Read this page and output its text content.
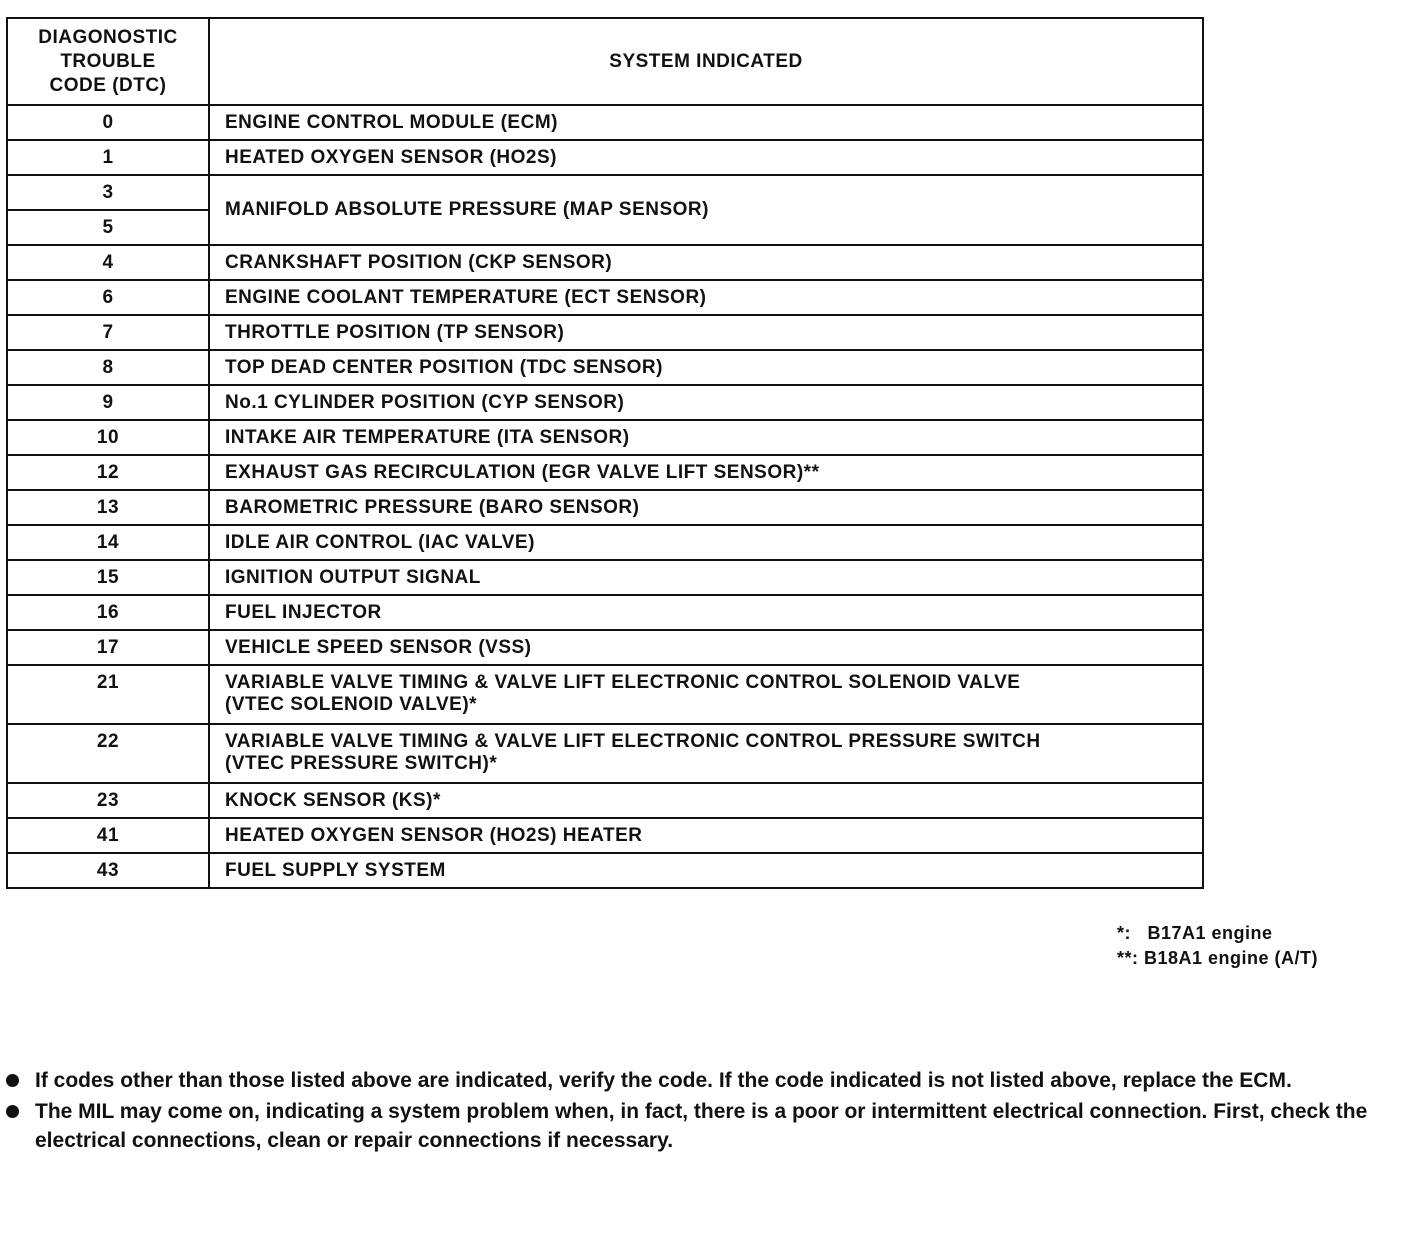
DIAGONOSTIC
TROUBLE
CODE (DTC)	SYSTEM INDICATED
0	ENGINE CONTROL MODULE (ECM)
1	HEATED OXYGEN SENSOR (HO2S)
3	MANIFOLD ABSOLUTE PRESSURE (MAP SENSOR)
5	
4	CRANKSHAFT POSITION (CKP SENSOR)
6	ENGINE COOLANT TEMPERATURE (ECT SENSOR)
7	THROTTLE POSITION (TP SENSOR)
8	TOP DEAD CENTER POSITION (TDC SENSOR)
9	No.1 CYLINDER POSITION (CYP SENSOR)
10	INTAKE AIR TEMPERATURE (ITA SENSOR)
12	EXHAUST GAS RECIRCULATION (EGR VALVE LIFT SENSOR)**
13	BAROMETRIC PRESSURE (BARO SENSOR)
14	IDLE AIR CONTROL (IAC VALVE)
15	IGNITION OUTPUT SIGNAL
16	FUEL INJECTOR
17	VEHICLE SPEED SENSOR (VSS)
21	VARIABLE VALVE TIMING & VALVE LIFT ELECTRONIC CONTROL SOLENOID VALVE
(VTEC SOLENOID VALVE)*

22	VARIABLE VALVE TIMING & VALVE LIFT ELECTRONIC CONTROL PRESSURE SWITCH
(VTEC PRESSURE SWITCH)*

23	KNOCK SENSOR (KS)*
41	HEATED OXYGEN SENSOR (HO2S) HEATER
43	FUEL SUPPLY SYSTEM
*:   B17A1 engine
**: B18A1 engine (A/T)
If codes other than those listed above are indicated, verify the code. If the code indicated is not listed above, replace the ECM.
The MIL may come on, indicating a system problem when, in fact, there is a poor or intermittent electrical connection. First, check the electrical connections, clean or repair connections if necessary.
